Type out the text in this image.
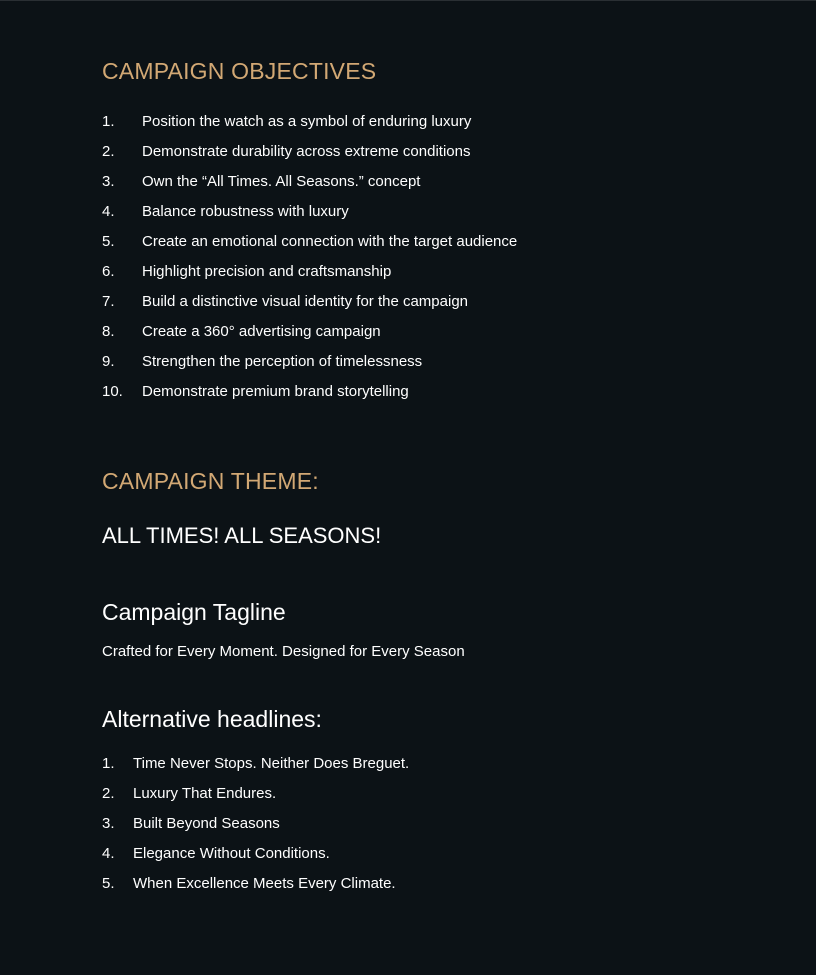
CAMPAIGN OBJECTIVES
1. Position the watch as a symbol of enduring luxury
2. Demonstrate durability across extreme conditions
3. Own the “All Times. All Seasons.” concept
4. Balance robustness with luxury
5. Create an emotional connection with the target audience
6. Highlight precision and craftsmanship
7. Build a distinctive visual identity for the campaign
8. Create a 360° advertising campaign
9. Strengthen the perception of timelessness
10. Demonstrate premium brand storytelling
CAMPAIGN THEME:
ALL TIMES! ALL SEASONS!
Campaign Tagline

Crafted for Every Moment. Designed for Every Season

Alternative headlines:
1. Time Never Stops. Neither Does Breguet.
2. Luxury That Endures.
3. Built Beyond Seasons
4. Elegance Without Conditions.
5. When Excellence Meets Every Climate.
